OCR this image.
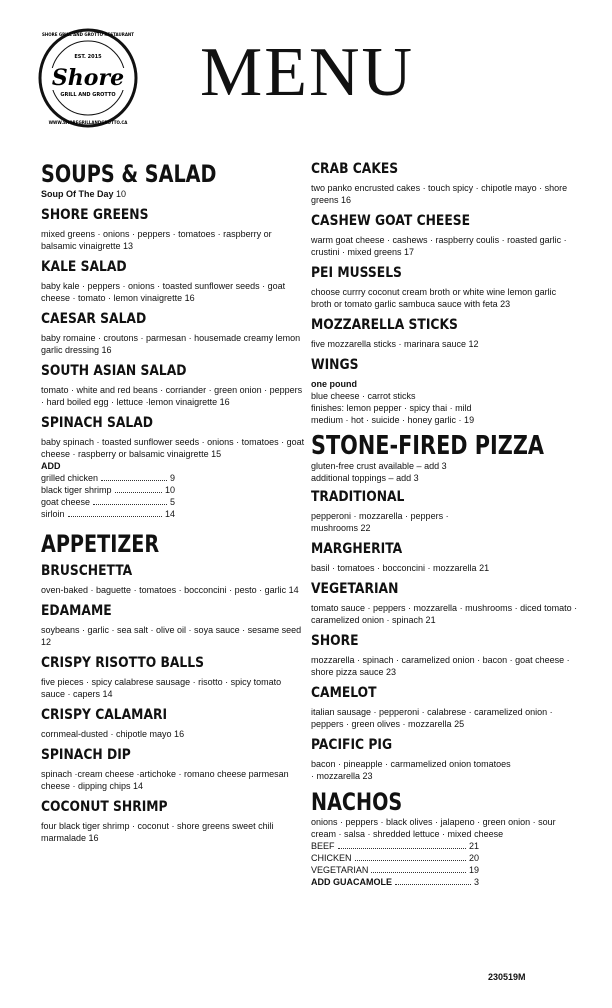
EST. 2015
Shore
GRILL AND GROTTO
SHORE GRILL AND GROTTO RESTAURANT
WWW.SHOREGRILLANDGROTTO.CA
MENU
SOUPS & SALAD

Soup Of The Day 10

SHORE GREENS

mixed greens · onions · peppers · tomatoes · raspberry or balsamic vinaigrette 13

KALE SALAD

baby kale · peppers · onions · toasted sunflower seeds · goat cheese · tomato · lemon vinaigrette 16

CAESAR SALAD

baby romaine · croutons · parmesan · housemade creamy lemon garlic dressing 16

SOUTH ASIAN SALAD

tomato · white and red beans · corriander · green onion · peppers · hard boiled egg · lettuce ·lemon vinaigrette 16

SPINACH SALAD

baby spinach · toasted sunflower seeds · onions · tomatoes · goat cheese · raspberry or balsamic vinaigrette 15

ADD

grilled chicken	9
black tiger shrimp	10
goat cheese	5
sirloin	14
APPETIZER
BRUSCHETTA

oven-baked · baguette · tomatoes · bocconcini · pesto · garlic 14

EDAMAME

soybeans · garlic · sea salt · olive oil · soya sauce · sesame seed 12

CRISPY RISOTTO BALLS

five pieces · spicy calabrese sausage · risotto · spicy tomato sauce · capers 14

CRISPY CALAMARI

cornmeal-dusted · chipotle mayo 16

SPINACH DIP

spinach ·cream cheese ·artichoke · romano cheese parmesan cheese · dipping chips 14

COCONUT SHRIMP

four black tiger shrimp · coconut · shore greens sweet chili marmalade 16

CRAB CAKES

two panko encrusted cakes · touch spicy · chipotle mayo · shore greens 16

CASHEW GOAT CHEESE

warm goat cheese · cashews · raspberry coulis · roasted garlic · crustini · mixed greens 17

PEI MUSSELS

choose currry coconut cream broth or white wine lemon garlic broth or tomato garlic sambuca sauce with feta 23

MOZZARELLA STICKS

five mozzarella sticks · marinara sauce 12

WINGS

one pound

blue cheese · carrot sticks

finishes: lemon pepper · spicy thai · mild

medium · hot · suicide · honey garlic · 19

STONE-FIRED PIZZA

gluten-free crust available – add 3

additional toppings – add 3

TRADITIONAL

pepperoni · mozzarella · peppers · mushrooms 22

MARGHERITA

basil · tomatoes · bocconcini · mozzarella 21

VEGETARIAN

tomato sauce · peppers · mozzarella · mushrooms · diced tomato · caramelized onion · spinach 21

SHORE

mozzarella · spinach · caramelized onion · bacon · goat cheese · shore pizza sauce 23

CAMELOT

italian sausage · pepperoni · calabrese · caramelized onion · peppers · green olives · mozzarella 25

PACIFIC PIG

bacon · pineapple · carmamelized onion tomatoes · mozzarella 23

NACHOS

onions · peppers · black olives · jalapeno · green onion · sour cream · salsa · shredded lettuce · mixed cheese

BEEF	21
CHICKEN	20
VEGETARIAN	19
ADD GUACAMOLE	3
230519M
